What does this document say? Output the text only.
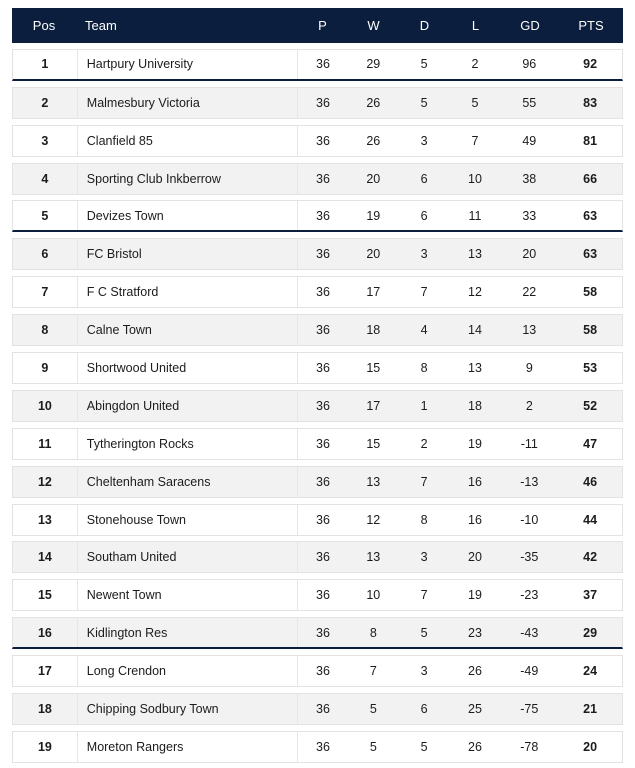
Pos	Team	P	W	D	L	GD	PTS
1	Hartpury University	36	29	5	2	96	92
2	Malmesbury Victoria	36	26	5	5	55	83
3	Clanfield 85	36	26	3	7	49	81
4	Sporting Club Inkberrow	36	20	6	10	38	66
5	Devizes Town	36	19	6	11	33	63
6	FC Bristol	36	20	3	13	20	63
7	F C Stratford	36	17	7	12	22	58
8	Calne Town	36	18	4	14	13	58
9	Shortwood United	36	15	8	13	9	53
10	Abingdon United	36	17	1	18	2	52
11	Tytherington Rocks	36	15	2	19	-11	47
12	Cheltenham Saracens	36	13	7	16	-13	46
13	Stonehouse Town	36	12	8	16	-10	44
14	Southam United	36	13	3	20	-35	42
15	Newent Town	36	10	7	19	-23	37
16	Kidlington Res	36	8	5	23	-43	29
17	Long Crendon	36	7	3	26	-49	24
18	Chipping Sodbury Town	36	5	6	25	-75	21
19	Moreton Rangers	36	5	5	26	-78	20
